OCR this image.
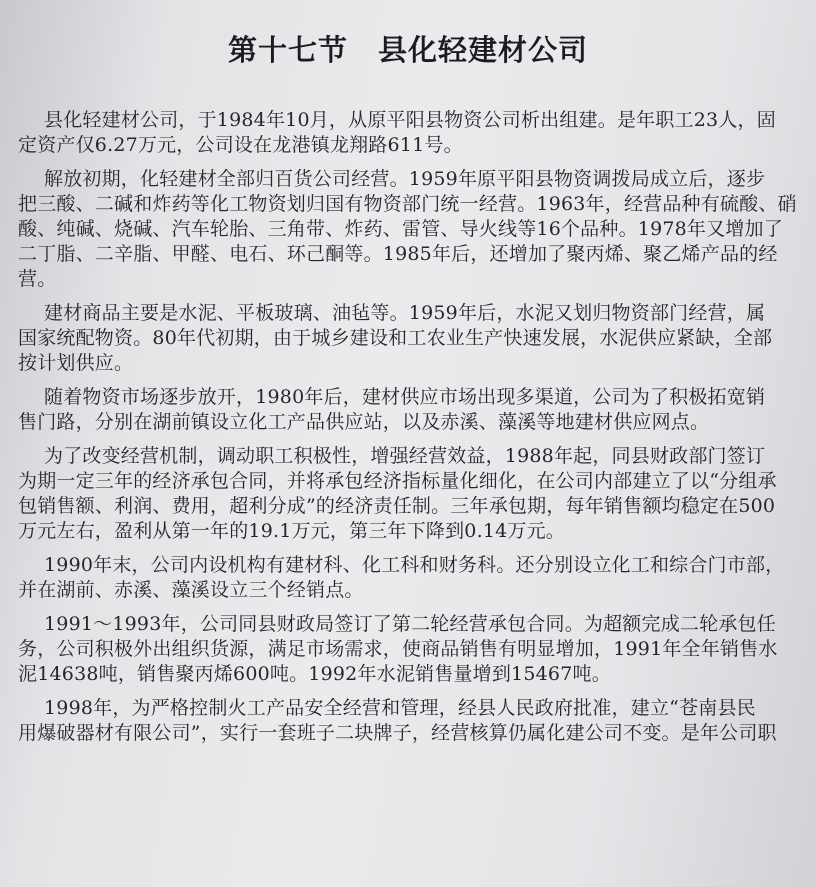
第十七节　县化轻建材公司
县化轻建材公司，于1984年10月，从原平阳县物资公司析出组建。是年职工23人，固
定资产仅6.27万元，公司设在龙港镇龙翔路611号。
解放初期，化轻建材全部归百货公司经营。1959年原平阳县物资调拨局成立后，逐步
把三酸、二碱和炸药等化工物资划归国有物资部门统一经营。1963年，经营品种有硫酸、硝
酸、纯碱、烧碱、汽车轮胎、三角带、炸药、雷管、导火线等16个品种。1978年又增加了
二丁脂、二辛脂、甲醛、电石、环己酮等。1985年后，还增加了聚丙烯、聚乙烯产品的经
营。
建材商品主要是水泥、平板玻璃、油毡等。1959年后，水泥又划归物资部门经营，属
国家统配物资。80年代初期，由于城乡建设和工农业生产快速发展，水泥供应紧缺，全部
按计划供应。
随着物资市场逐步放开，1980年后，建材供应市场出现多渠道，公司为了积极拓宽销
售门路，分别在湖前镇设立化工产品供应站，以及赤溪、藻溪等地建材供应网点。
为了改变经营机制，调动职工积极性，增强经营效益，1988年起，同县财政部门签订
为期一定三年的经济承包合同，并将承包经济指标量化细化，在公司内部建立了以“分组承
包销售额、利润、费用，超利分成”的经济责任制。三年承包期，每年销售额均稳定在500
万元左右，盈利从第一年的19.1万元，第三年下降到0.14万元。
1990年末，公司内设机构有建材科、化工科和财务科。还分别设立化工和综合门市部，
并在湖前、赤溪、藻溪设立三个经销点。
1991～1993年，公司同县财政局签订了第二轮经营承包合同。为超额完成二轮承包任
务，公司积极外出组织货源，满足市场需求，使商品销售有明显增加，1991年全年销售水
泥14638吨，销售聚丙烯600吨。1992年水泥销售量增到15467吨。
1998年，为严格控制火工产品安全经营和管理，经县人民政府批准，建立“苍南县民
用爆破器材有限公司”，实行一套班子二块牌子，经营核算仍属化建公司不变。是年公司职
